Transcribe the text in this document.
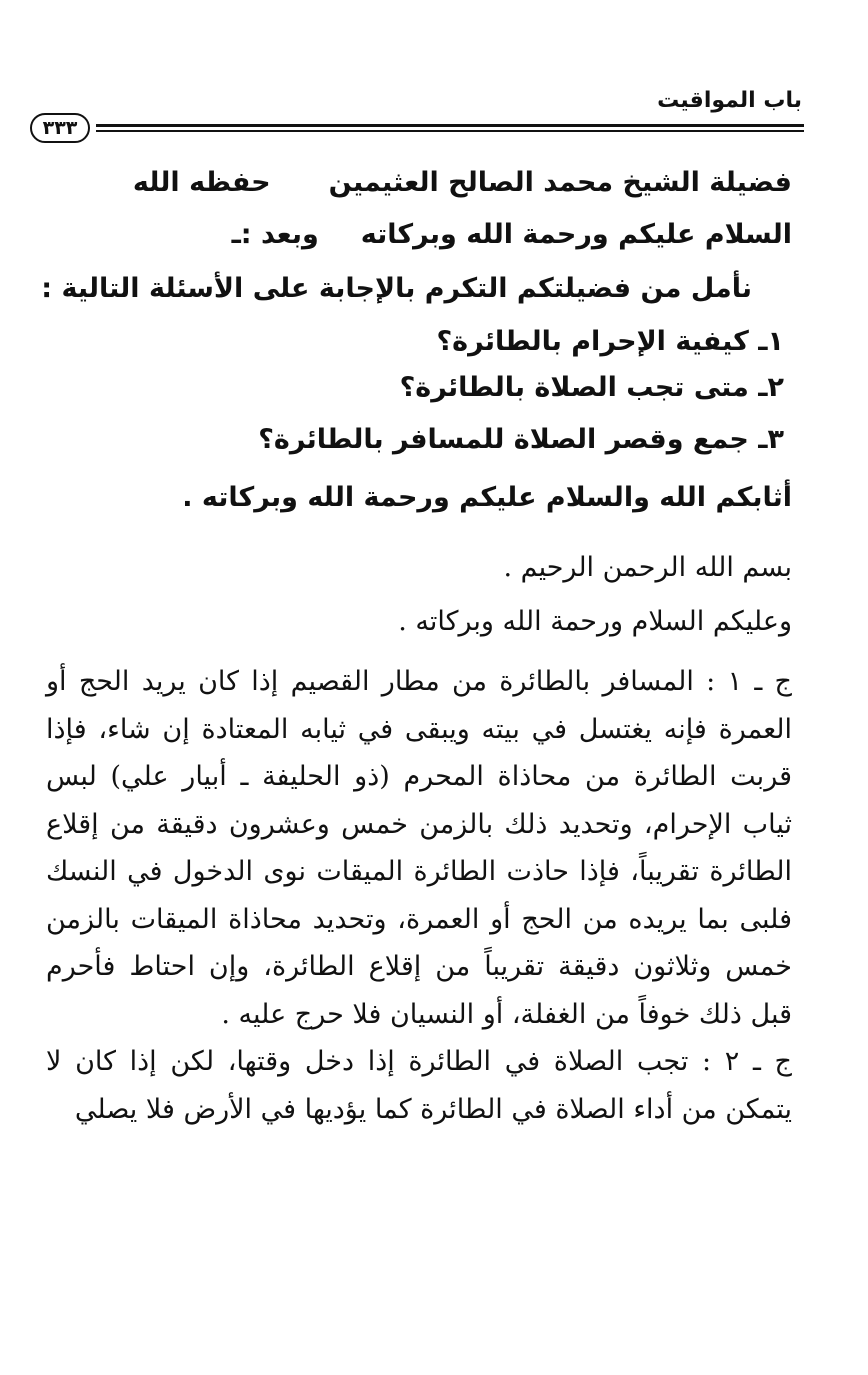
باب المواقيت
٣٣٣
فضيلة الشيخ محمد الصالح العثيمينحفظه الله
السلام عليكم ورحمة الله وبركاتهوبعد :ـ
نأمل من فضيلتكم التكرم بالإجابة على الأسئلة التالية :
١ـ كيفية الإحرام بالطائرة؟
٢ـ متى تجب الصلاة بالطائرة؟
٣ـ جمع وقصر الصلاة للمسافر بالطائرة؟
أثابكم الله والسلام عليكم ورحمة الله وبركاته .
بسم الله الرحمن الرحيم .
وعليكم السلام ورحمة الله وبركاته .

ج ـ ١ : المسافر بالطائرة من مطار القصيم إذا كان يريد الحج أو العمرة فإنه يغتسل في بيته ويبقى في ثيابه المعتادة إن شاء، فإذا قربت الطائرة من محاذاة المحرم (ذو الحليفة ـ أبيار علي) لبس ثياب الإحرام، وتحديد ذلك بالزمن خمس وعشرون دقيقة من إقلاع الطائرة تقريباً، فإذا حاذت الطائرة الميقات نوى الدخول في النسك فلبى بما يريده من الحج أو العمرة، وتحديد محاذاة الميقات بالزمن خمس وثلاثون دقيقة تقريباً من إقلاع الطائرة، وإن احتاط فأحرم قبل ذلك خوفاً من الغفلة، أو النسيان فلا حرج عليه .

ج ـ ٢ : تجب الصلاة في الطائرة إذا دخل وقتها، لكن إذا كان لا يتمكن من أداء الصلاة في الطائرة كما يؤديها في الأرض فلا يصلي
